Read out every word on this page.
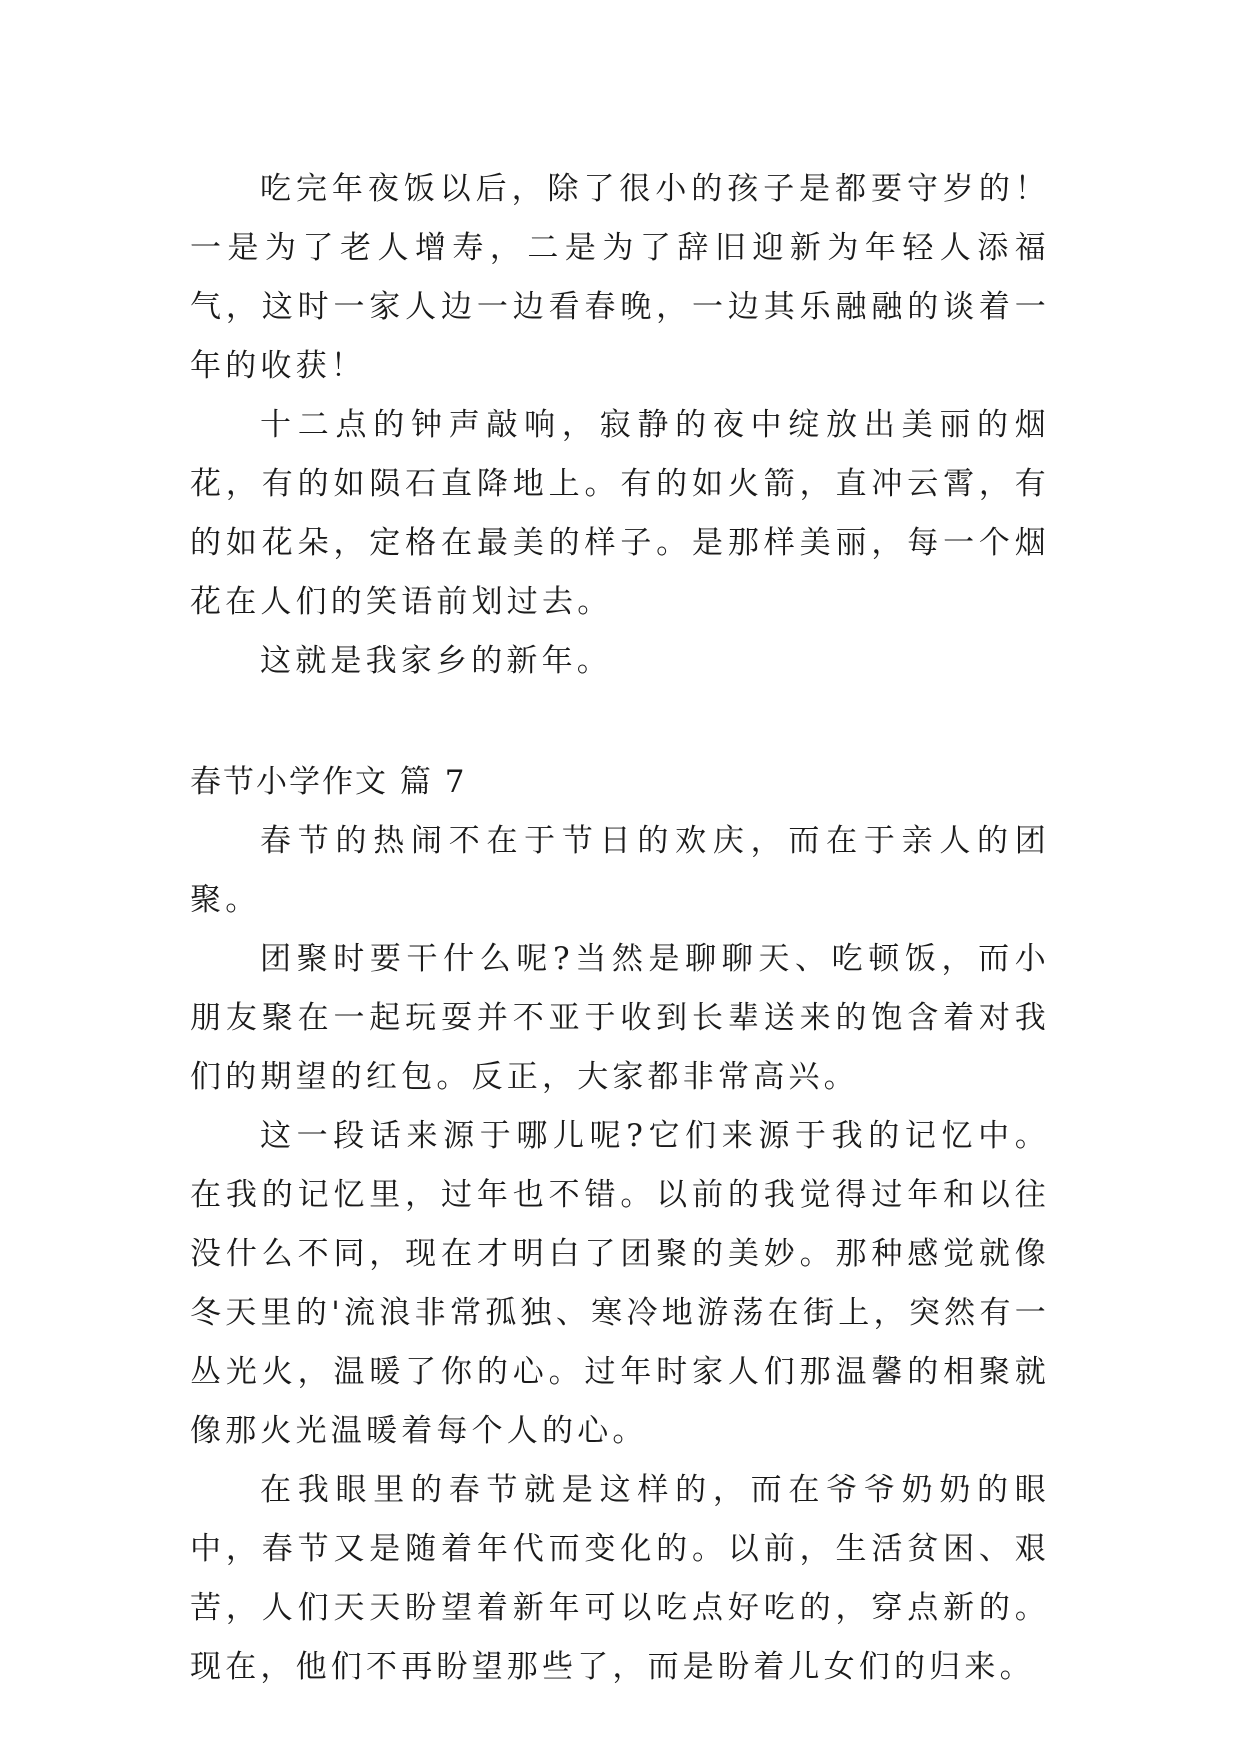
吃完年夜饭以后，除了很小的孩子是都要守岁的！一是为了老人增寿，二是为了辞旧迎新为年轻人添福气，这时一家人边一边看春晚，一边其乐融融的谈着一年的收获！

十二点的钟声敲响，寂静的夜中绽放出美丽的烟花，有的如陨石直降地上。有的如火箭，直冲云霄，有的如花朵，定格在最美的样子。是那样美丽，每一个烟花在人们的笑语前划过去。

这就是我家乡的新年。

春节小学作文 篇 7

春节的热闹不在于节日的欢庆，而在于亲人的团聚。

团聚时要干什么呢?当然是聊聊天、吃顿饭，而小朋友聚在一起玩耍并不亚于收到长辈送来的饱含着对我们的期望的红包。反正，大家都非常高兴。

这一段话来源于哪儿呢?它们来源于我的记忆中。在我的记忆里，过年也不错。以前的我觉得过年和以往没什么不同，现在才明白了团聚的美妙。那种感觉就像冬天里的'流浪非常孤独、寒冷地游荡在街上，突然有一丛光火，温暖了你的心。过年时家人们那温馨的相聚就像那火光温暖着每个人的心。

在我眼里的春节就是这样的，而在爷爷奶奶的眼中，春节又是随着年代而变化的。以前，生活贫困、艰苦，人们天天盼望着新年可以吃点好吃的，穿点新的。现在，他们不再盼望那些了，而是盼着儿女们的归来。
